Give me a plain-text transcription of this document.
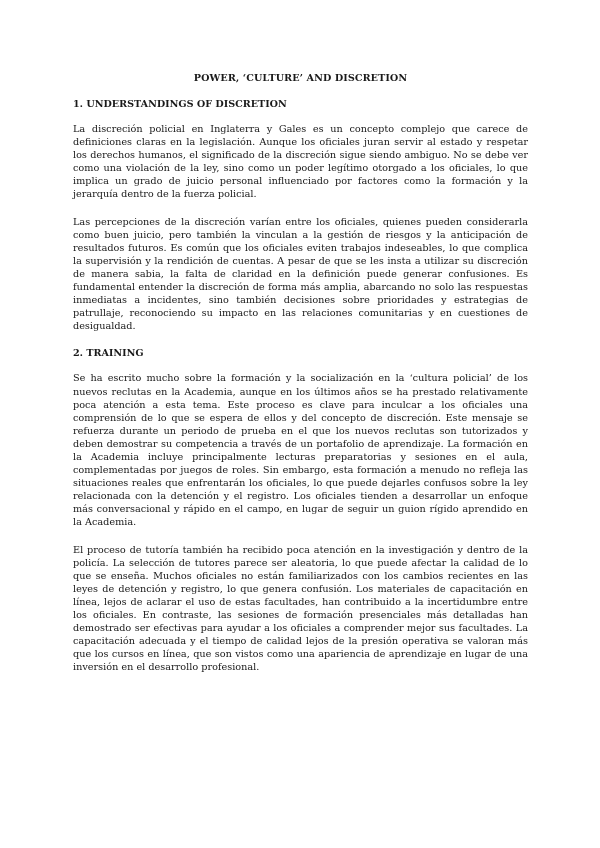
POWER, ‘CULTURE’ AND DISCRETION
1. UNDERSTANDINGS OF DISCRETION

La discreción policial en Inglaterra y Gales es un concepto complejo que carece de definiciones claras en la legislación. Aunque los oficiales juran servir al estado y respetar los derechos humanos, el significado de la discreción sigue siendo ambiguo. No se debe ver como una violación de la ley, sino como un poder legítimo otorgado a los oficiales, lo que implica un grado de juicio personal influenciado por factores como la formación y la jerarquía dentro de la fuerza policial.

Las percepciones de la discreción varían entre los oficiales, quienes pueden considerarla como buen juicio, pero también la vinculan a la gestión de riesgos y la anticipación de resultados futuros. Es común que los oficiales eviten trabajos indeseables, lo que complica la supervisión y la rendición de cuentas. A pesar de que se les insta a utilizar su discreción de manera sabia, la falta de claridad en la definición puede generar confusiones. Es fundamental entender la discreción de forma más amplia, abarcando no solo las respuestas inmediatas a incidentes, sino también decisiones sobre prioridades y estrategias de patrullaje, reconociendo su impacto en las relaciones comunitarias y en cuestiones de desigualdad.

2. TRAINING

Se ha escrito mucho sobre la formación y la socialización en la ‘cultura policial’ de los nuevos reclutas en la Academia, aunque en los últimos años se ha prestado relativamente poca atención a esta tema. Este proceso es clave para inculcar a los oficiales una comprensión de lo que se espera de ellos y del concepto de discreción. Este mensaje se refuerza durante un periodo de prueba en el que los nuevos reclutas son tutorizados y deben demostrar su competencia a través de un portafolio de aprendizaje. La formación en la Academia incluye principalmente lecturas preparatorias y sesiones en el aula, complementadas por juegos de roles. Sin embargo, esta formación a menudo no refleja las situaciones reales que enfrentarán los oficiales, lo que puede dejarles confusos sobre la ley relacionada con la detención y el registro. Los oficiales tienden a desarrollar un enfoque más conversacional y rápido en el campo, en lugar de seguir un guion rígido aprendido en la Academia.

El proceso de tutoría también ha recibido poca atención en la investigación y dentro de la policía. La selección de tutores parece ser aleatoria, lo que puede afectar la calidad de lo que se enseña. Muchos oficiales no están familiarizados con los cambios recientes en las leyes de detención y registro, lo que genera confusión. Los materiales de capacitación en línea, lejos de aclarar el uso de estas facultades, han contribuido a la incertidumbre entre los oficiales. En contraste, las sesiones de formación presenciales más detalladas han demostrado ser efectivas para ayudar a los oficiales a comprender mejor sus facultades. La capacitación adecuada y el tiempo de calidad lejos de la presión operativa se valoran más que los cursos en línea, que son vistos como una apariencia de aprendizaje en lugar de una inversión en el desarrollo profesional.
